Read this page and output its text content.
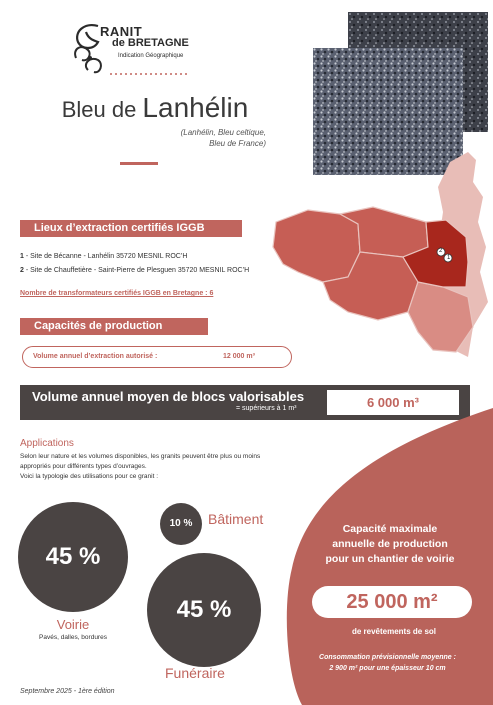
RANIT
de BRETAGNE
Indication Géographique
Bleu de Lanhélin
(Lanhélin, Bleu celtique,
Bleu de France)
2
1
Lieux d’extraction certifiés IGGB
1 - Site de Bécanne - Lanhélin 35720 MESNIL ROC’H
2 - Site de Chauffetière - Saint-Pierre de Plesguen 35720 MESNIL ROC’H
Nombre de transformateurs certifiés IGGB en Bretagne : 6
Capacités de production
Volume annuel d’extraction autorisé :	12 000 m³
Volume annuel moyen de blocs valorisables
= supérieurs à 1 m³	6 000 m³
Applications
Selon leur nature et les volumes disponibles, les granits peuvent être plus ou moins
appropriés pour différents types d’ouvrages.
Voici la typologie des utilisations pour ce granit :
45 %
10 %
45 %
Voirie
Pavés, dalles, bordures
Bâtiment
Funéraire
Capacité maximale
annuelle de production
pour un chantier de voirie
25 000 m²
de revêtements de sol
Consommation prévisionnelle moyenne :
2 900 m² pour une épaisseur 10 cm
Septembre 2025 - 1ère édition
